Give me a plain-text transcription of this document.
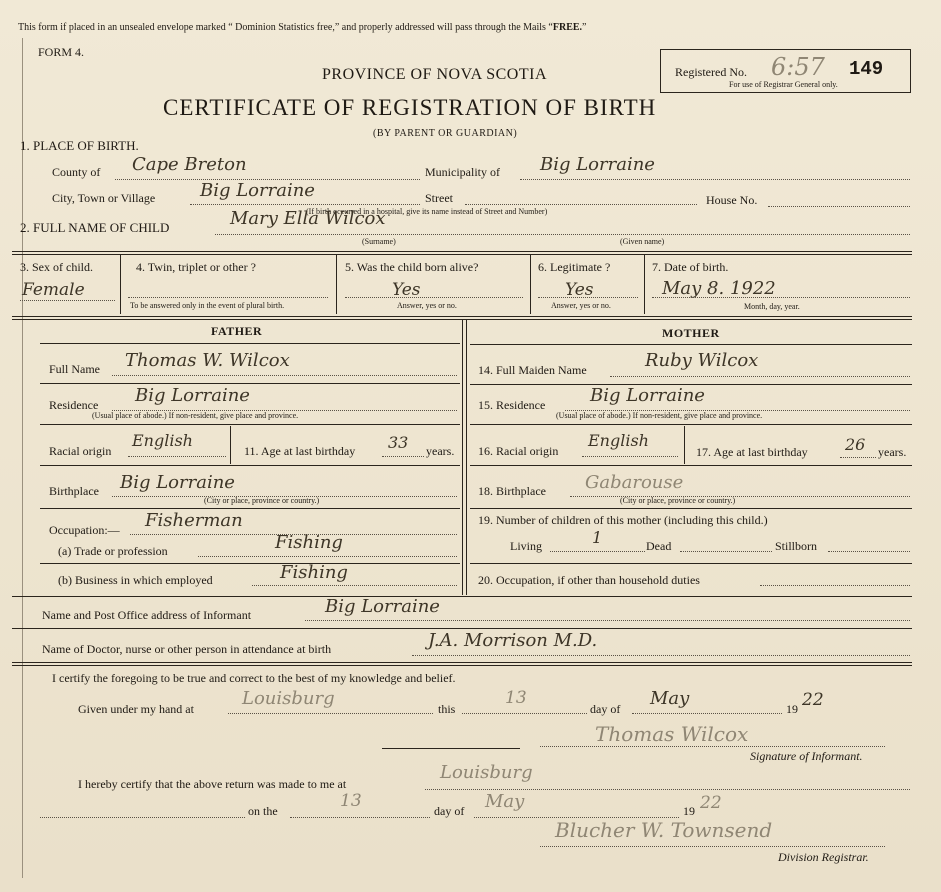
This form if placed in an unsealed envelope marked “ Dominion Statistics free,” and properly addressed will pass through the Mails “FREE.”
FORM 4.
Registered No. 6:57 149
For use of Registrar General only.
PROVINCE OF NOVA SCOTIA
CERTIFICATE OF REGISTRATION OF BIRTH
(BY PARENT OR GUARDIAN)
1. PLACE OF BIRTH.
County of Cape Breton	Municipality of Big Lorraine
City, Town or Village Big Lorraine	Street	House No.
(If birth occurred in a hospital, give its name instead of Street and Number)
2. FULL NAME OF CHILD	Mary Ella Wilcox
(Surname)	(Given name)
3. Sex of child.
Female
4. Twin, triplet or other ?
To be answered only in the event of plural birth.
5. Was the child born alive?
Yes
Answer, yes or no.
6. Legitimate ?
Yes
Answer, yes or no.
7. Date of birth.
May 8. 1922
Month, day, year.
FATHER	MOTHER
Full Name Thomas W. Wilcox
Residence Big Lorraine
(Usual place of abode.) If non-resident, give place and province.
Racial origin
English
11. Age at last birthday 33 years.
Birthplace Big Lorraine
(City or place, province or country.)
Occupation:— Fisherman
(a) Trade or profession	Fishing
(b) Business in which employed	Fishing
14. Full Maiden Name	Ruby Wilcox
15. Residence Big Lorraine
(Usual place of abode.) If non-resident, give place and province.
16. Racial origin
English
17. Age at last birthday 26 years.
18. Birthplace Gabarouse
(City or place, province or country.)
19. Number of children of this mother (including this child.)
Living	1	Dead	Stillborn
20. Occupation, if other than household duties
Name and Post Office address of Informant	Big Lorraine
Name of Doctor, nurse or other person in attendance at birth	J.A. Morrison M.D.
I certify the foregoing to be true and correct to the best of my knowledge and belief.
Given under my hand at	Louisburg	this
13
day of May	19 22
Thomas Wilcox
Signature of Informant.
I hereby certify that the above return was made to me at
Louisburg
on the	13	day of May	19 22
Blucher W. Townsend
Division Registrar.
